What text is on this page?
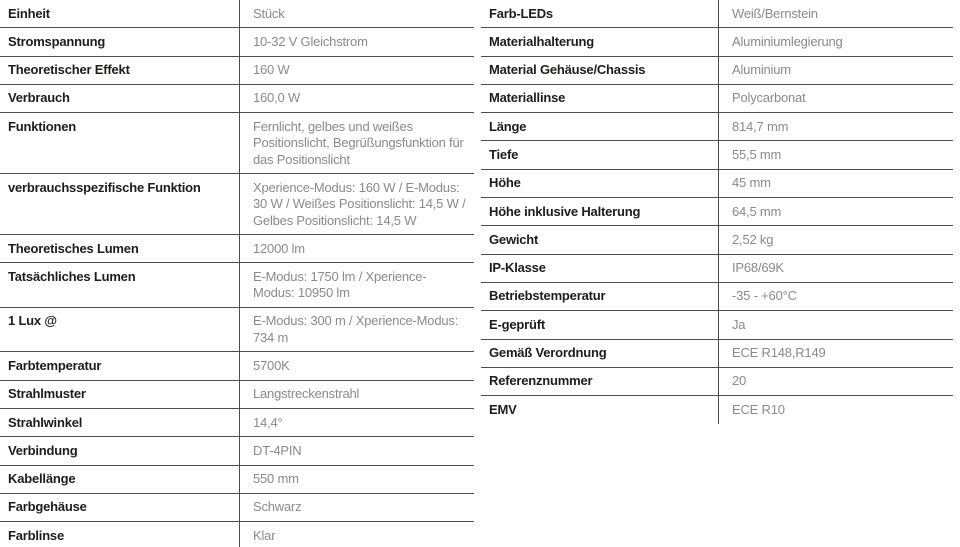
Einheit	Stück
Stromspannung	10-32 V Gleichstrom
Theoretischer Effekt	160 W
Verbrauch	160,0 W
Funktionen	Fernlicht, gelbes und weißes Positionslicht, Begrüßungsfunktion für das Positionslicht
verbrauchsspezifische Funktion	Xperience-Modus: 160 W / E-Modus: 30 W / Weißes Positionslicht: 14,5 W / Gelbes Positionslicht: 14,5 W
Theoretisches Lumen	12000 lm
Tatsächliches Lumen	E-Modus: 1750 lm / Xperience-Modus: 10950 lm
1 Lux @	E-Modus: 300 m / Xperience-Modus: 734 m
Farbtemperatur	5700K
Strahlmuster	Langstreckenstrahl
Strahlwinkel	14,4°
Verbindung	DT-4PIN
Kabellänge	550 mm
Farbgehäuse	Schwarz
Farblinse	Klar
Farb-LEDs	Weiß/Bernstein
Materialhalterung	Aluminiumlegierung
Material Gehäuse/Chassis	Aluminium
Materiallinse	Polycarbonat
Länge	814,7 mm
Tiefe	55,5 mm
Höhe	45 mm
Höhe inklusive Halterung	64,5 mm
Gewicht	2,52 kg
IP-Klasse	IP68/69K
Betriebstemperatur	-35 - +60°C
E-geprüft	Ja
Gemäß Verordnung	ECE R148,R149
Referenznummer	20
EMV	ECE R10
